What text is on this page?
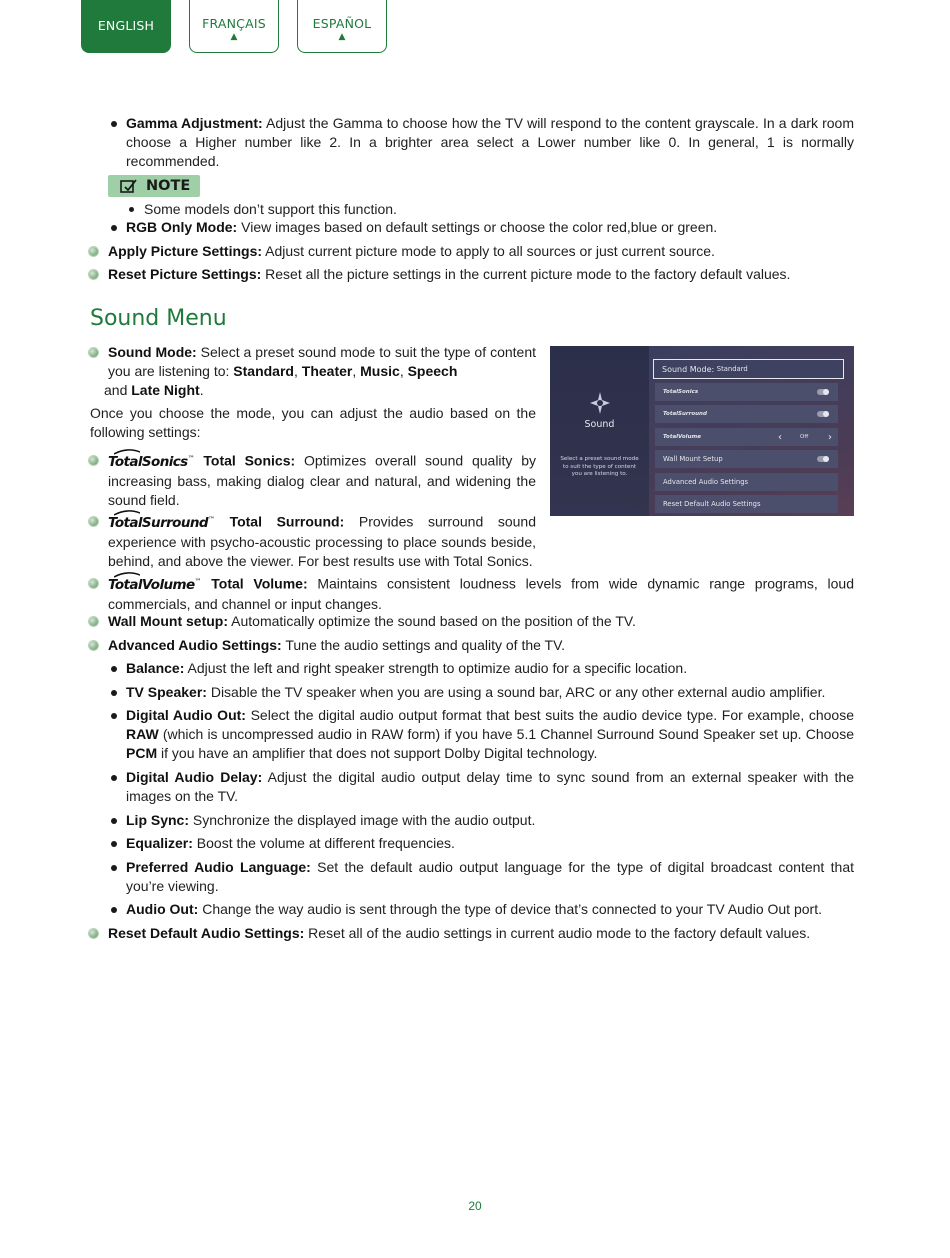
ENGLISH	FRANÇAIS
▲
ESPAÑOL
▲
Gamma Adjustment: Adjust the Gamma to choose how the TV will respond to the content grayscale. In a dark room choose a Higher number like 2. In a brighter area select a Lower number like 0. In general, 1 is normally recommended.
NOTE
Some models don’t support this function.
RGB Only Mode: View images based on default settings or choose the color red,blue or green.
Apply Picture Settings: Adjust current picture mode to apply to all sources or just current source.
Reset Picture Settings: Reset all the picture settings in the current picture mode to the factory default values.
Sound Menu
Sound Mode: Select a preset sound mode to suit the type of content you are listening to: Standard, Theater, Music, Speech
and Late Night.
Once you choose the mode, you can adjust the audio based on the following settings:
TotalSonics™ Total Sonics: Optimizes overall sound quality by increasing bass, making dialog clear and natural, and widening the sound field.
TotalSurround™ Total Surround: Provides surround sound experience with psycho-acoustic processing to place sounds beside, behind, and above the viewer. For best results use with Total Sonics.
TotalVolume™ Total Volume: Maintains consistent loudness levels from wide dynamic range programs, loud commercials, and channel or input changes.
Wall Mount setup: Automatically optimize the sound based on the position of the TV.
Advanced Audio Settings: Tune the audio settings and quality of the TV.
Balance: Adjust the left and right speaker strength to optimize audio for a specific location.
TV Speaker: Disable the TV speaker when you are using a sound bar, ARC or any other external audio amplifier.
Digital Audio Out: Select the digital audio output format that best suits the audio device type. For example, choose RAW (which is uncompressed audio in RAW form) if you have 5.1 Channel Surround Sound Speaker set up. Choose PCM if you have an amplifier that does not support Dolby Digital technology.
Digital Audio Delay: Adjust the digital audio output delay time to sync sound from an external speaker with the images on the TV.
Lip Sync: Synchronize the displayed image with the audio output.
Equalizer: Boost the volume at different frequencies.
Preferred Audio Language: Set the default audio output language for the type of digital broadcast content that you’re viewing.
Audio Out: Change the way audio is sent through the type of device that’s connected to your TV Audio Out port.
Reset Default Audio Settings: Reset all of the audio settings in current audio mode to the factory default values.
Sound
Select a preset sound mode to suit the type of content you are listening to.
Sound Mode:
Standard
TotalSonics
TotalSurround
TotalVolume	‹	Off ›
Wall Mount Setup
Advanced Audio Settings
Reset Default Audio Settings
20
